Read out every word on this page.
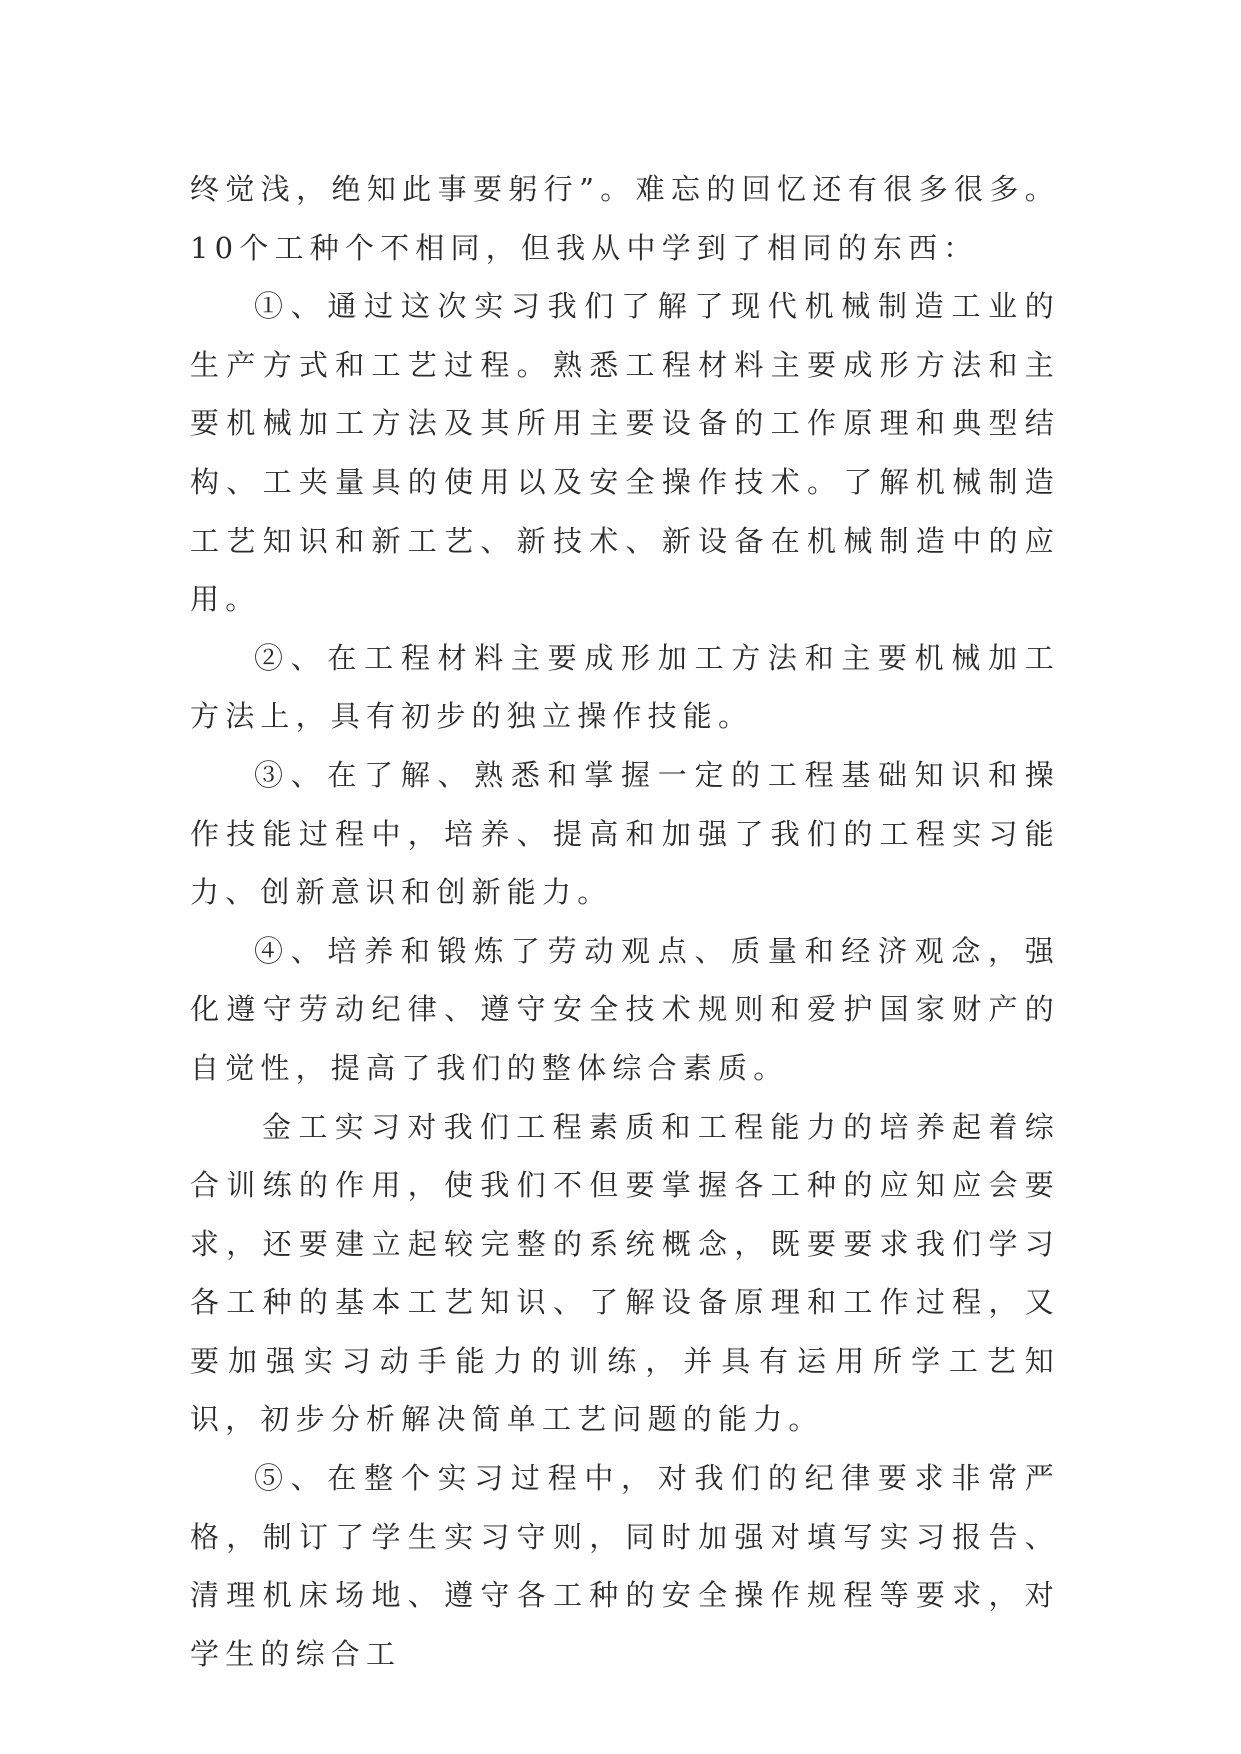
终觉浅，绝知此事要躬行”。难忘的回忆还有很多很多。10个工种个不相同，但我从中学到了相同的东西：

①、通过这次实习我们了解了现代机械制造工业的生产方式和工艺过程。熟悉工程材料主要成形方法和主要机械加工方法及其所用主要设备的工作原理和典型结构、工夹量具的使用以及安全操作技术。了解机械制造工艺知识和新工艺、新技术、新设备在机械制造中的应用。

②、在工程材料主要成形加工方法和主要机械加工方法上，具有初步的独立操作技能。

③、在了解、熟悉和掌握一定的工程基础知识和操作技能过程中，培养、提高和加强了我们的工程实习能力、创新意识和创新能力。

④、培养和锻炼了劳动观点、质量和经济观念，强化遵守劳动纪律、遵守安全技术规则和爱护国家财产的自觉性，提高了我们的整体综合素质。

金工实习对我们工程素质和工程能力的培养起着综合训练的作用，使我们不但要掌握各工种的应知应会要求，还要建立起较完整的系统概念，既要要求我们学习各工种的基本工艺知识、了解设备原理和工作过程，又要加强实习动手能力的训练，并具有运用所学工艺知识，初步分析解决简单工艺问题的能力。

⑤、在整个实习过程中，对我们的纪律要求非常严格，制订了学生实习守则，同时加强对填写实习报告、清理机床场地、遵守各工种的安全操作规程等要求，对学生的综合工
